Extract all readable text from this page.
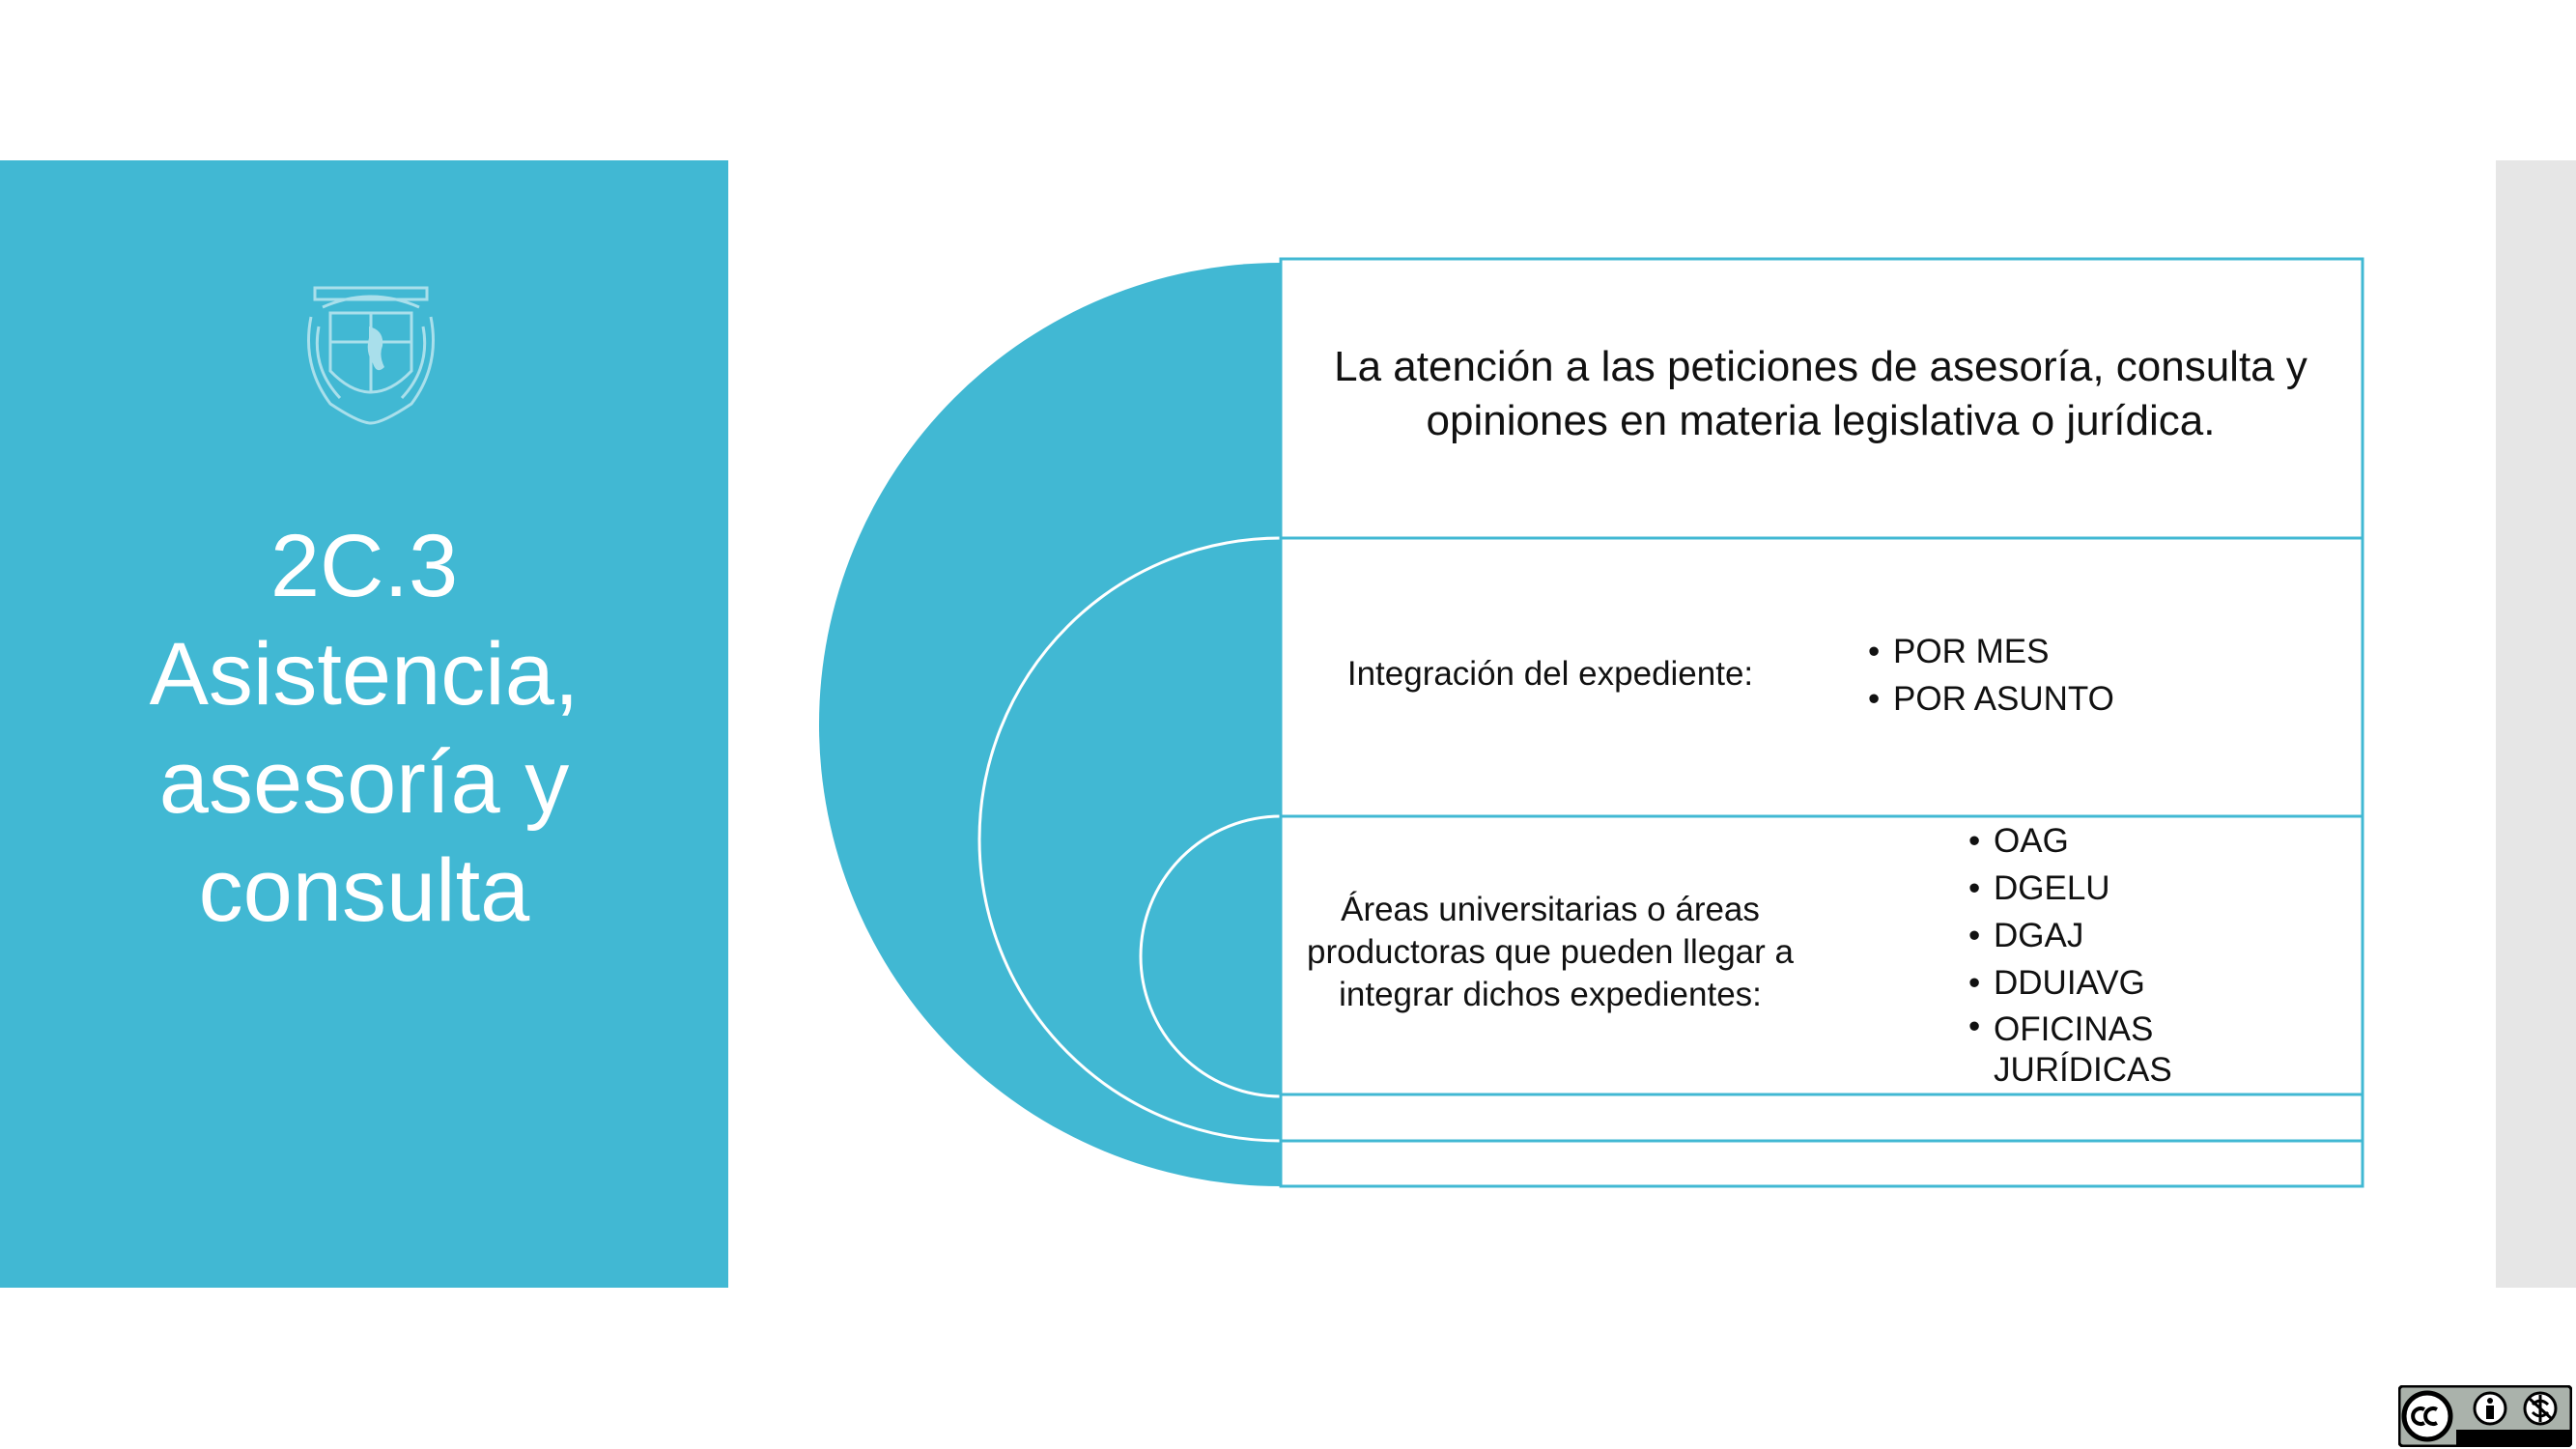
2C.3
Asistencia,
asesoría y
consulta
La atención a las peticiones de asesoría, consulta y opiniones en materia legislativa o jurídica.
Integración del expediente:
• POR MES
• POR ASUNTO
Áreas universitarias o áreas productoras que pueden llegar a integrar dichos expedientes:
• OAG
• DGELU
• DGAJ
• DDUIAVG
• OFICINAS JURÍDICAS
